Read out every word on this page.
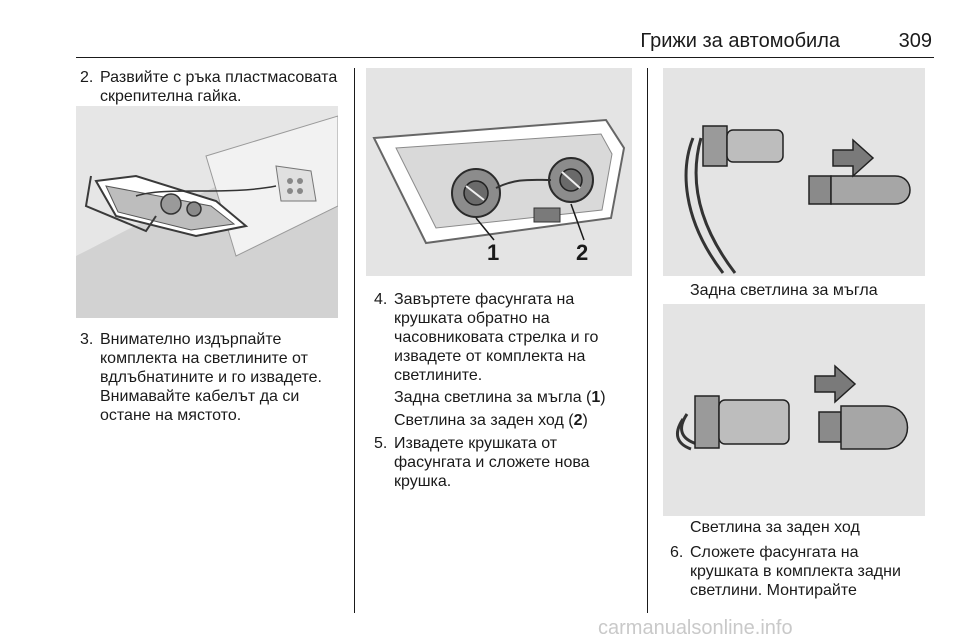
Грижи за автомобила	309
2. Развийте с ръка пластмасовата
скрепителна гайка.
3. Внимателно издърпайте
комплекта на светлините от
вдлъбнатините и го извадете.
Внимавайте кабелът да си
остане на мястото.
1	2
4. Завъртете фасунгата на
крушката обратно на
часовниковата стрелка и го
извадете от комплекта на
светлините.
Задна светлина за мъгла (1)
Светлина за заден ход (2)
5. Извадете крушката от
фасунгата и сложете нова
крушка.
Задна светлина за мъгла
Светлина за заден ход
6. Сложете фасунгата на
крушката в комплекта задни
светлини. Монтирайте
carmanualsonline.info
